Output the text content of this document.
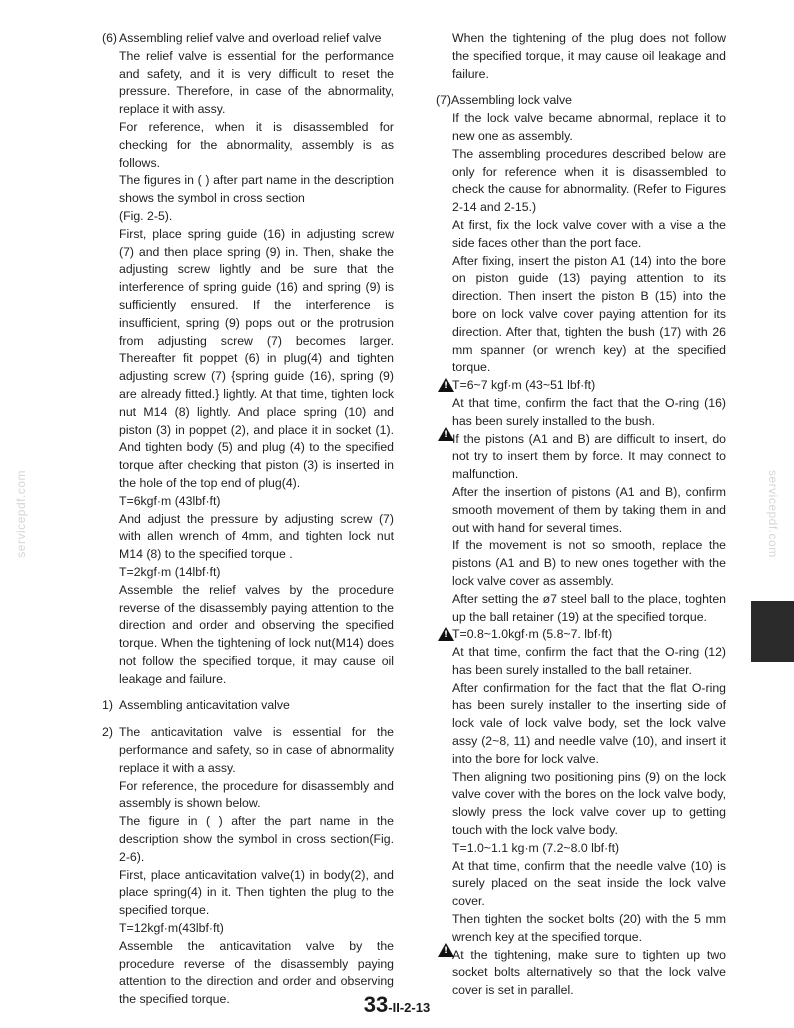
servicepdf.com	servicepdf.com
(6) Assembling relief valve and overload relief valve

The relief valve is essential for the performance and safety, and it is very difficult to reset the pressure. Therefore, in case of the abnormality, replace it with assy.

For reference, when it is disassembled for checking for the abnormality, assembly is as follows.

The figures in ( ) after part name in the description shows the symbol in cross section

(Fig. 2-5).

First, place spring guide (16) in adjusting screw (7) and then place spring (9) in. Then, shake the adjusting screw lightly and be sure that the interference of spring guide (16) and spring (9) is sufficiently ensured. If the interference is insufficient, spring (9) pops out or the protrusion from adjusting screw (7) becomes larger. Thereafter fit poppet (6) in plug(4) and tighten adjusting screw (7) {spring guide (16), spring (9) are already fitted.} lightly. At that time, tighten lock nut M14 (8) lightly. And place spring (10) and piston (3) in poppet (2), and place it in socket (1). And tighten body (5) and plug (4) to the specified torque after checking that piston (3) is inserted in the hole of the top end of plug(4).

T=6kgf·m (43lbf·ft)

And adjust the pressure by adjusting screw (7) with allen wrench of 4mm, and tighten lock nut M14 (8) to the specified torque .

T=2kgf·m (14lbf·ft)

Assemble the relief valves by the procedure reverse of the disassembly paying attention to the direction and order and observing the specified torque. When the tightening of lock nut(M14) does not follow the specified torque, it may cause oil leakage and failure.

1) Assembling anticavitation valve
2) The anticavitation valve is essential for the performance and safety, so in case of abnormality replace it with a assy.

For reference, the procedure for disassembly and assembly is shown below.

The figure in ( ) after the part name in the description show the symbol in cross section(Fig. 2-6).

First, place anticavitation valve(1) in body(2), and place spring(4) in it. Then tighten the plug to the specified torque.

T=12kgf·m(43lbf·ft)

Assemble the anticavitation valve by the procedure reverse of the disassembly paying attention to the direction and order and observing the specified torque.

When the tightening of the plug does not follow the specified torque, it may cause oil leakage and failure.

(7)Assembling lock valve

If the lock valve became abnormal, replace it to new one as assembly.

The assembling procedures described below are only for reference when it is disassembled to check the cause for abnormality. (Refer to Figures 2-14 and 2-15.)

At first, fix the lock valve cover with a vise a the side faces other than the port face.

After fixing, insert the piston A1 (14) into the bore on piston guide (13) paying attention to its direction. Then insert the piston B (15) into the bore on lock valve cover paying attention for its direction. After that, tighten the bush (17) with 26 mm spanner (or wrench key) at the specified torque.

!
T=6~7 kgf·m (43~51 lbf·ft)

At that time, confirm the fact that the O-ring (16) has been surely installed to the bush.

!
If the pistons (A1 and B) are difficult to insert, do not try to insert them by force. It may connect to malfunction.

After the insertion of pistons (A1 and B), confirm smooth movement of them by taking them in and out with hand for several times.

If the movement is not so smooth, replace the pistons (A1 and B) to new ones together with the lock valve cover as assembly.

After setting the ø7 steel ball to the place, toghten up the ball retainer (19) at the specified torque.

!
T=0.8~1.0kgf·m (5.8~7. lbf·ft)

At that time, confirm the fact that the O-ring (12) has been surely installed to the ball retainer.

After confirmation for the fact that the flat O-ring has been surely installer to the inserting side of lock vale of lock valve body, set the lock valve assy (2~8, 11) and needle valve (10), and insert it into the bore for lock valve.

Then aligning two positioning pins (9) on the lock valve cover with the bores on the lock valve body, slowly press the lock valve cover up to getting touch with the lock valve body.

T=1.0~1.1 kg·m (7.2~8.0 lbf·ft)

At that time, confirm that the needle valve (10) is surely placed on the seat inside the lock valve cover.

Then tighten the socket bolts (20) with the 5 mm wrench key at the specified torque.

!
At the tightening, make sure to tighten up two socket bolts alternatively so that the lock valve cover is set in parallel.

33-II-2-13
